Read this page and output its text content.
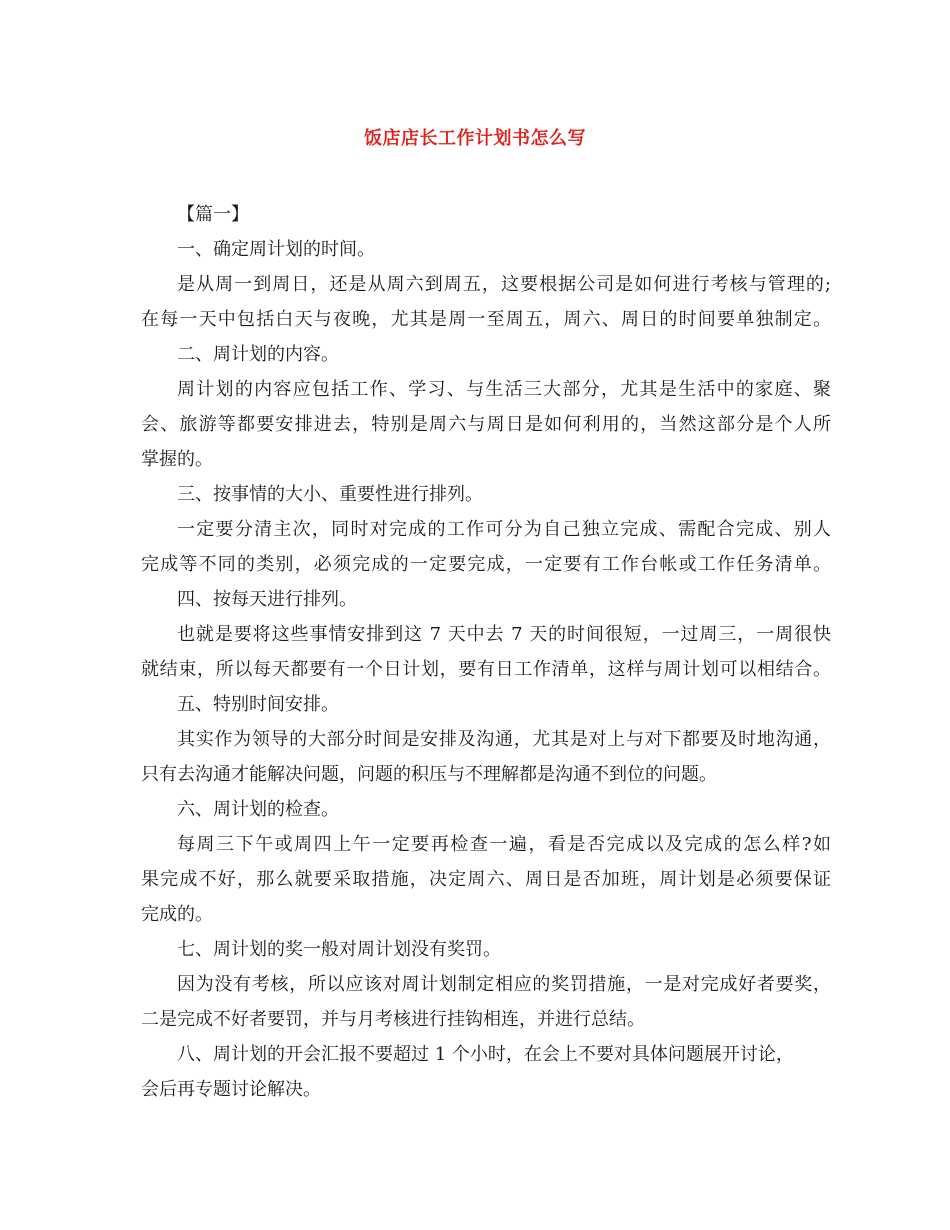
饭店店长工作计划书怎么写
【篇一】
一、确定周计划的时间。
是从周一到周日，还是从周六到周五，这要根据公司是如何进行考核与管理的;
在每一天中包括白天与夜晚，尤其是周一至周五，周六、周日的时间要单独制定。
二、周计划的内容。
周计划的内容应包括工作、学习、与生活三大部分，尤其是生活中的家庭、聚
会、旅游等都要安排进去，特别是周六与周日是如何利用的，当然这部分是个人所
掌握的。
三、按事情的大小、重要性进行排列。
一定要分清主次，同时对完成的工作可分为自己独立完成、需配合完成、别人
完成等不同的类别，必须完成的一定要完成，一定要有工作台帐或工作任务清单。
四、按每天进行排列。
也就是要将这些事情安排到这 7 天中去 7 天的时间很短，一过周三，一周很快
就结束，所以每天都要有一个日计划，要有日工作清单，这样与周计划可以相结合。
五、特别时间安排。
其实作为领导的大部分时间是安排及沟通，尤其是对上与对下都要及时地沟通，
只有去沟通才能解决问题，问题的积压与不理解都是沟通不到位的问题。
六、周计划的检查。
每周三下午或周四上午一定要再检查一遍，看是否完成以及完成的怎么样?如
果完成不好，那么就要采取措施，决定周六、周日是否加班，周计划是必须要保证
完成的。
七、周计划的奖一般对周计划没有奖罚。
因为没有考核，所以应该对周计划制定相应的奖罚措施，一是对完成好者要奖，
二是完成不好者要罚，并与月考核进行挂钩相连，并进行总结。
八、周计划的开会汇报不要超过 1 个小时，在会上不要对具体问题展开讨论，
会后再专题讨论解决。
